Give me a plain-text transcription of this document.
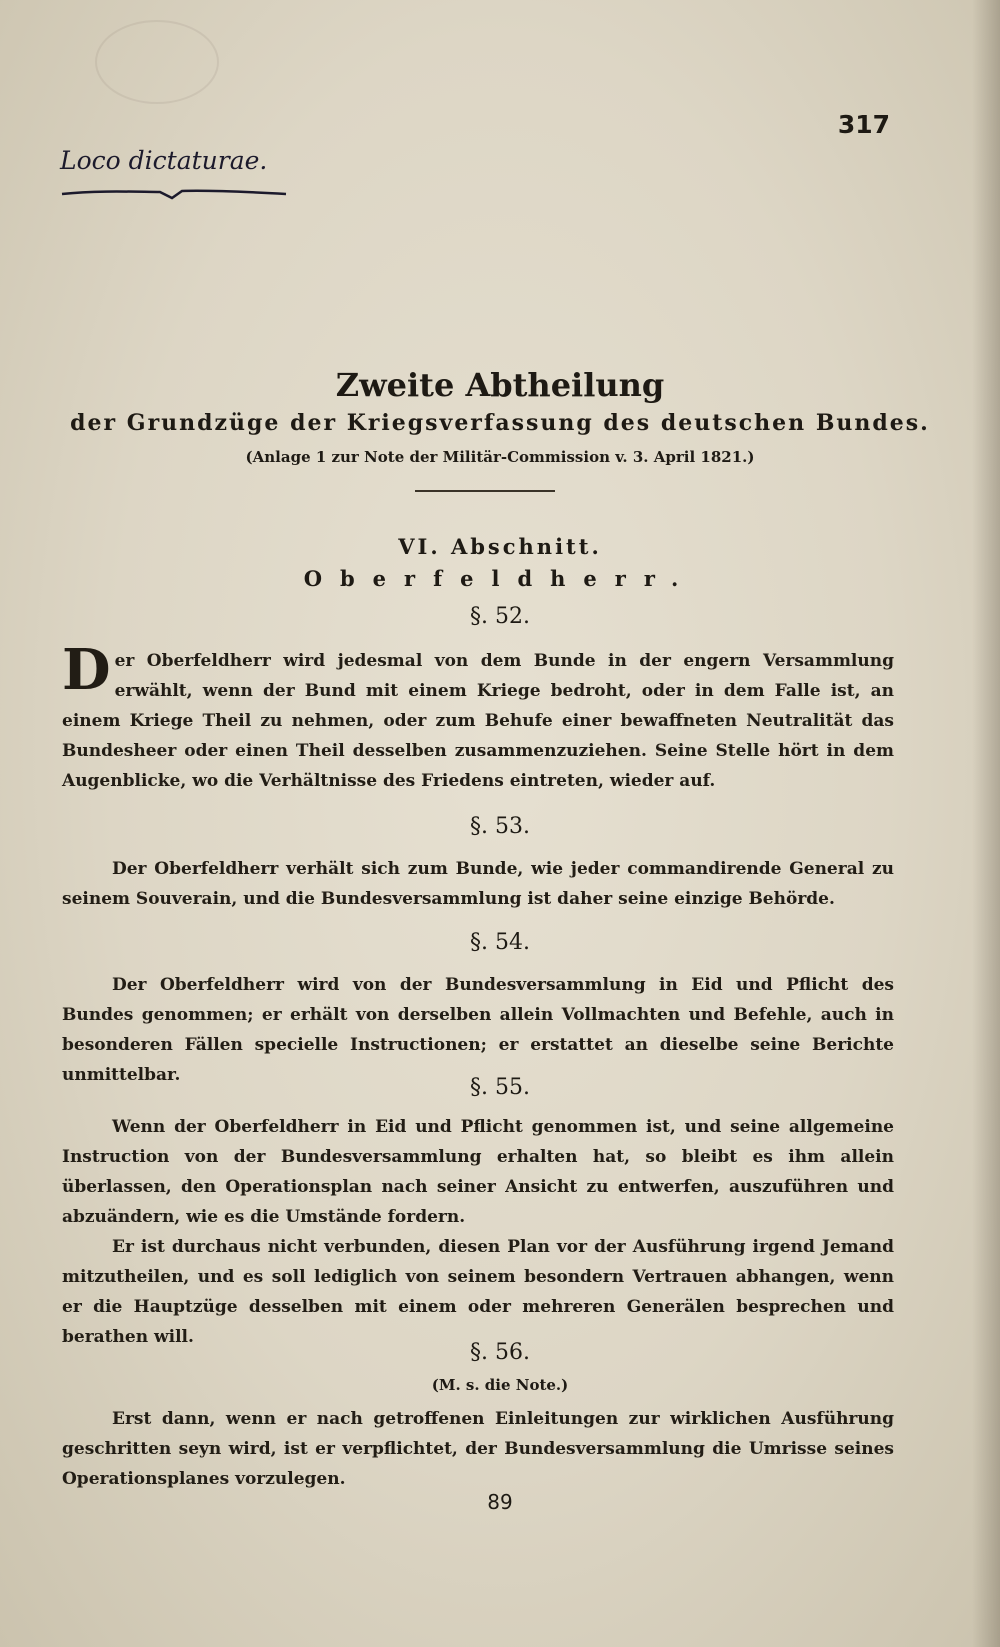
Loco dictaturae.
317
Zweite Abtheilung
der Grundzüge der Kriegsverfassung des deutschen Bundes.
(Anlage 1 zur Note der Militär-Commission v. 3. April 1821.)
VI. Abschnitt.
Oberfeldherr.
§. 52.

Der Oberfeldherr wird jedesmal von dem Bunde in der engern Versammlung erwählt, wenn der Bund mit einem Kriege bedroht, oder in dem Falle ist, an einem Kriege Theil zu nehmen, oder zum Behufe einer bewaffneten Neutralität das Bundesheer oder einen Theil desselben zusammenzuziehen. Seine Stelle hört in dem Augenblicke, wo die Verhältnisse des Friedens eintreten, wieder auf.

§. 53.

Der Oberfeldherr verhält sich zum Bunde, wie jeder commandirende General zu seinem Souverain, und die Bundesversammlung ist daher seine einzige Behörde.

§. 54.

Der Oberfeldherr wird von der Bundesversammlung in Eid und Pflicht des Bundes genommen; er erhält von derselben allein Vollmachten und Befehle, auch in besonderen Fällen specielle Instructionen; er erstattet an dieselbe seine Berichte unmittelbar.	§. 55.

Wenn der Oberfeldherr in Eid und Pflicht genommen ist, und seine allgemeine Instruction von der Bundesversammlung erhalten hat, so bleibt es ihm allein überlassen, den Operationsplan nach seiner Ansicht zu entwerfen, auszuführen und abzuändern, wie es die Umstände fordern.

Er ist durchaus nicht verbunden, diesen Plan vor der Ausführung irgend Jemand mitzutheilen, und es soll lediglich von seinem besondern Vertrauen abhangen, wenn er die Hauptzüge desselben mit einem oder mehreren Generälen besprechen und berathen will.

§. 56.
(M. s. die Note.)

Erst dann, wenn er nach getroffenen Einleitungen zur wirklichen Ausführung geschritten seyn wird, ist er verpflichtet, der Bundesversammlung die Umrisse seines Operationsplanes vorzulegen.

89
